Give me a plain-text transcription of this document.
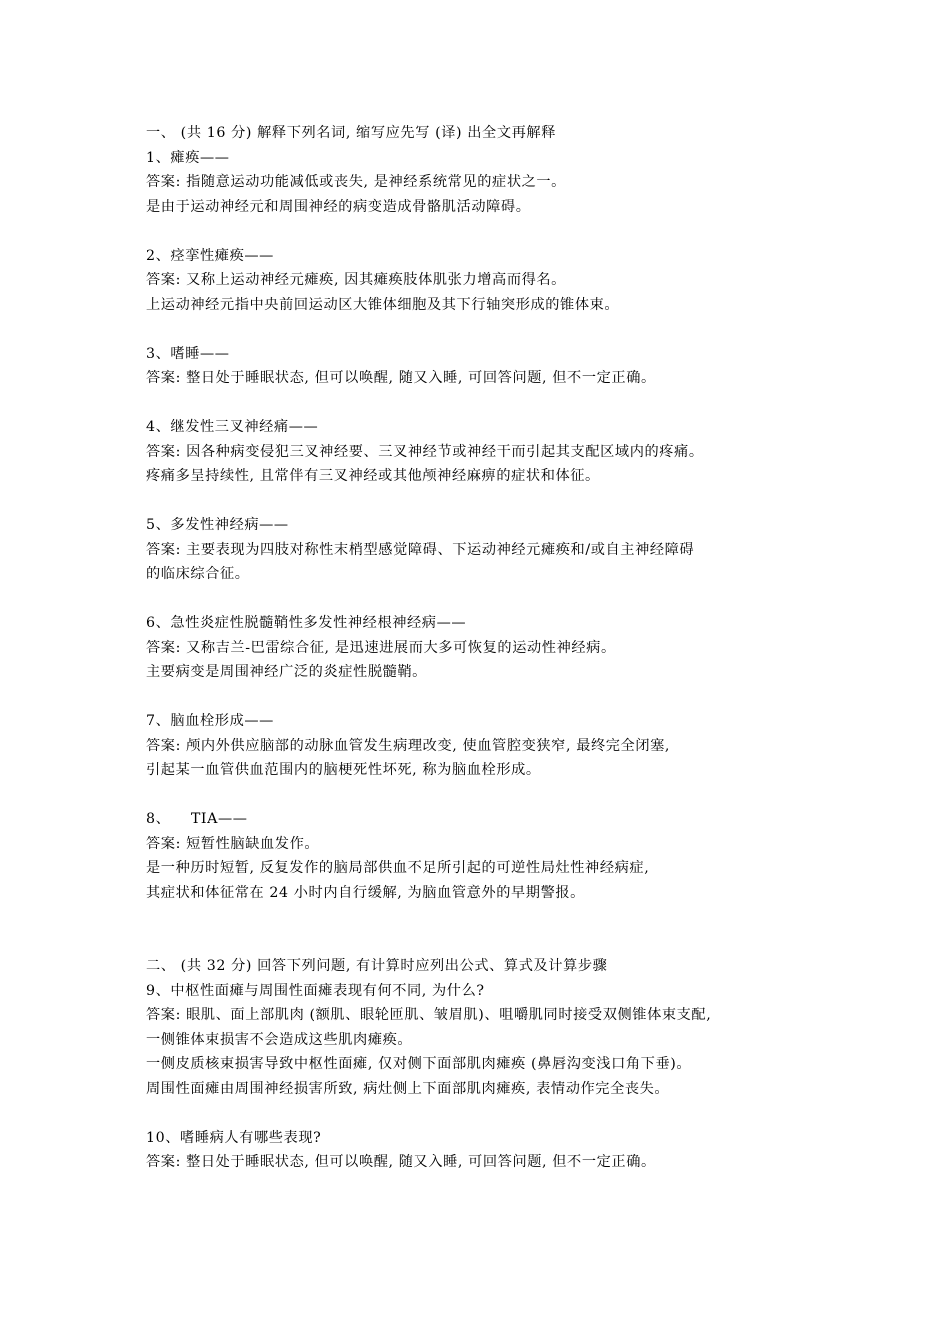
一、 (共 16 分) 解释下列名词, 缩写应先写 (译) 出全文再解释
1、瘫痪——
答案: 指随意运动功能减低或丧失, 是神经系统常见的症状之一。
是由于运动神经元和周围神经的病变造成骨骼肌活动障碍。
2、痉挛性瘫痪——
答案: 又称上运动神经元瘫痪, 因其瘫痪肢体肌张力增高而得名。
上运动神经元指中央前回运动区大锥体细胞及其下行轴突形成的锥体束。
3、嗜睡——
答案: 整日处于睡眠状态, 但可以唤醒, 随又入睡, 可回答问题, 但不一定正确。
4、继发性三叉神经痛——
答案: 因各种病变侵犯三叉神经要、三叉神经节或神经干而引起其支配区域内的疼痛。
疼痛多呈持续性, 且常伴有三叉神经或其他颅神经麻痹的症状和体征。
5、多发性神经病——
答案: 主要表现为四肢对称性末梢型感觉障碍、下运动神经元瘫痪和/或自主神经障碍
的临床综合征。
6、急性炎症性脱髓鞘性多发性神经根神经病——
答案: 又称吉兰-巴雷综合征, 是迅速进展而大多可恢复的运动性神经病。
主要病变是周围神经广泛的炎症性脱髓鞘。
7、脑血栓形成——
答案: 颅内外供应脑部的动脉血管发生病理改变, 使血管腔变狭窄, 最终完全闭塞,
引起某一血管供血范围内的脑梗死性坏死, 称为脑血栓形成。
8、    TIA——
答案: 短暂性脑缺血发作。
是一种历时短暂, 反复发作的脑局部供血不足所引起的可逆性局灶性神经病症,
其症状和体征常在 24 小时内自行缓解, 为脑血管意外的早期警报。
二、 (共 32 分) 回答下列问题, 有计算时应列出公式、算式及计算步骤
9、中枢性面瘫与周围性面瘫表现有何不同, 为什么?
答案: 眼肌、面上部肌肉 (额肌、眼轮匝肌、皱眉肌)、咀嚼肌同时接受双侧锥体束支配,
一侧锥体束损害不会造成这些肌肉瘫痪。
一侧皮质核束损害导致中枢性面瘫, 仅对侧下面部肌肉瘫痪 (鼻唇沟变浅口角下垂)。
周围性面瘫由周围神经损害所致, 病灶侧上下面部肌肉瘫痪, 表情动作完全丧失。
10、嗜睡病人有哪些表现?
答案: 整日处于睡眠状态, 但可以唤醒, 随又入睡, 可回答问题, 但不一定正确。
